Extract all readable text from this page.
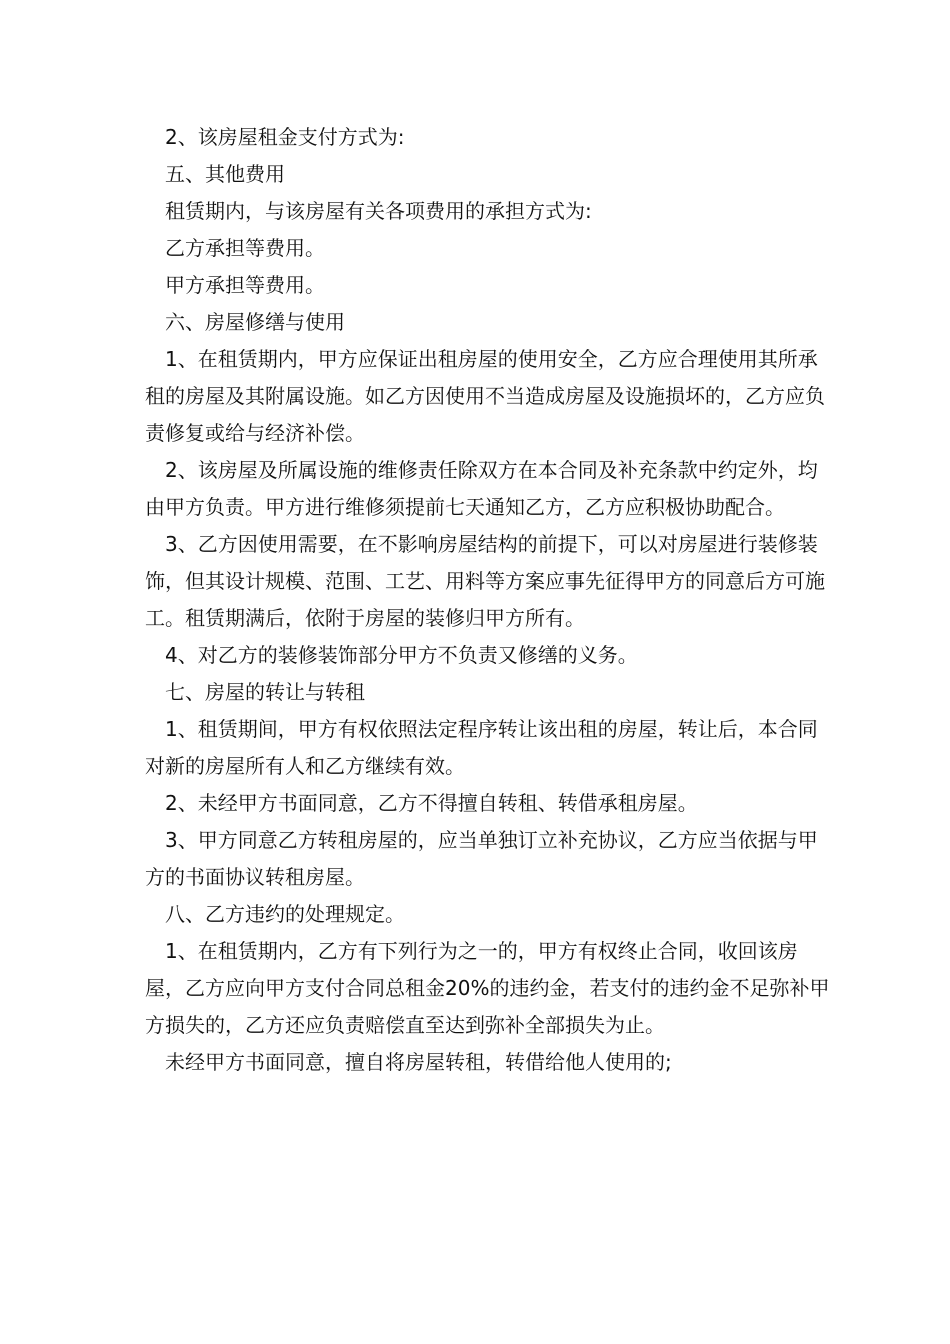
2、该房屋租金支付方式为:

五、其他费用

租赁期内，与该房屋有关各项费用的承担方式为:

乙方承担等费用。

甲方承担等费用。

六、房屋修缮与使用

1、在租赁期内，甲方应保证出租房屋的使用安全，乙方应合理使用其所承租的房屋及其附属设施。如乙方因使用不当造成房屋及设施损坏的，乙方应负责修复或给与经济补偿。

2、该房屋及所属设施的维修责任除双方在本合同及补充条款中约定外，均由甲方负责。甲方进行维修须提前七天通知乙方，乙方应积极协助配合。

3、乙方因使用需要，在不影响房屋结构的前提下，可以对房屋进行装修装饰，但其设计规模、范围、工艺、用料等方案应事先征得甲方的同意后方可施工。租赁期满后，依附于房屋的装修归甲方所有。

4、对乙方的装修装饰部分甲方不负责又修缮的义务。

七、房屋的转让与转租

1、租赁期间，甲方有权依照法定程序转让该出租的房屋，转让后，本合同对新的房屋所有人和乙方继续有效。

2、未经甲方书面同意，乙方不得擅自转租、转借承租房屋。

3、甲方同意乙方转租房屋的，应当单独订立补充协议，乙方应当依据与甲方的书面协议转租房屋。

八、乙方违约的处理规定。

1、在租赁期内，乙方有下列行为之一的，甲方有权终止合同，收回该房屋，乙方应向甲方支付合同总租金20%的违约金，若支付的违约金不足弥补甲方损失的，乙方还应负责赔偿直至达到弥补全部损失为止。

未经甲方书面同意，擅自将房屋转租，转借给他人使用的;
